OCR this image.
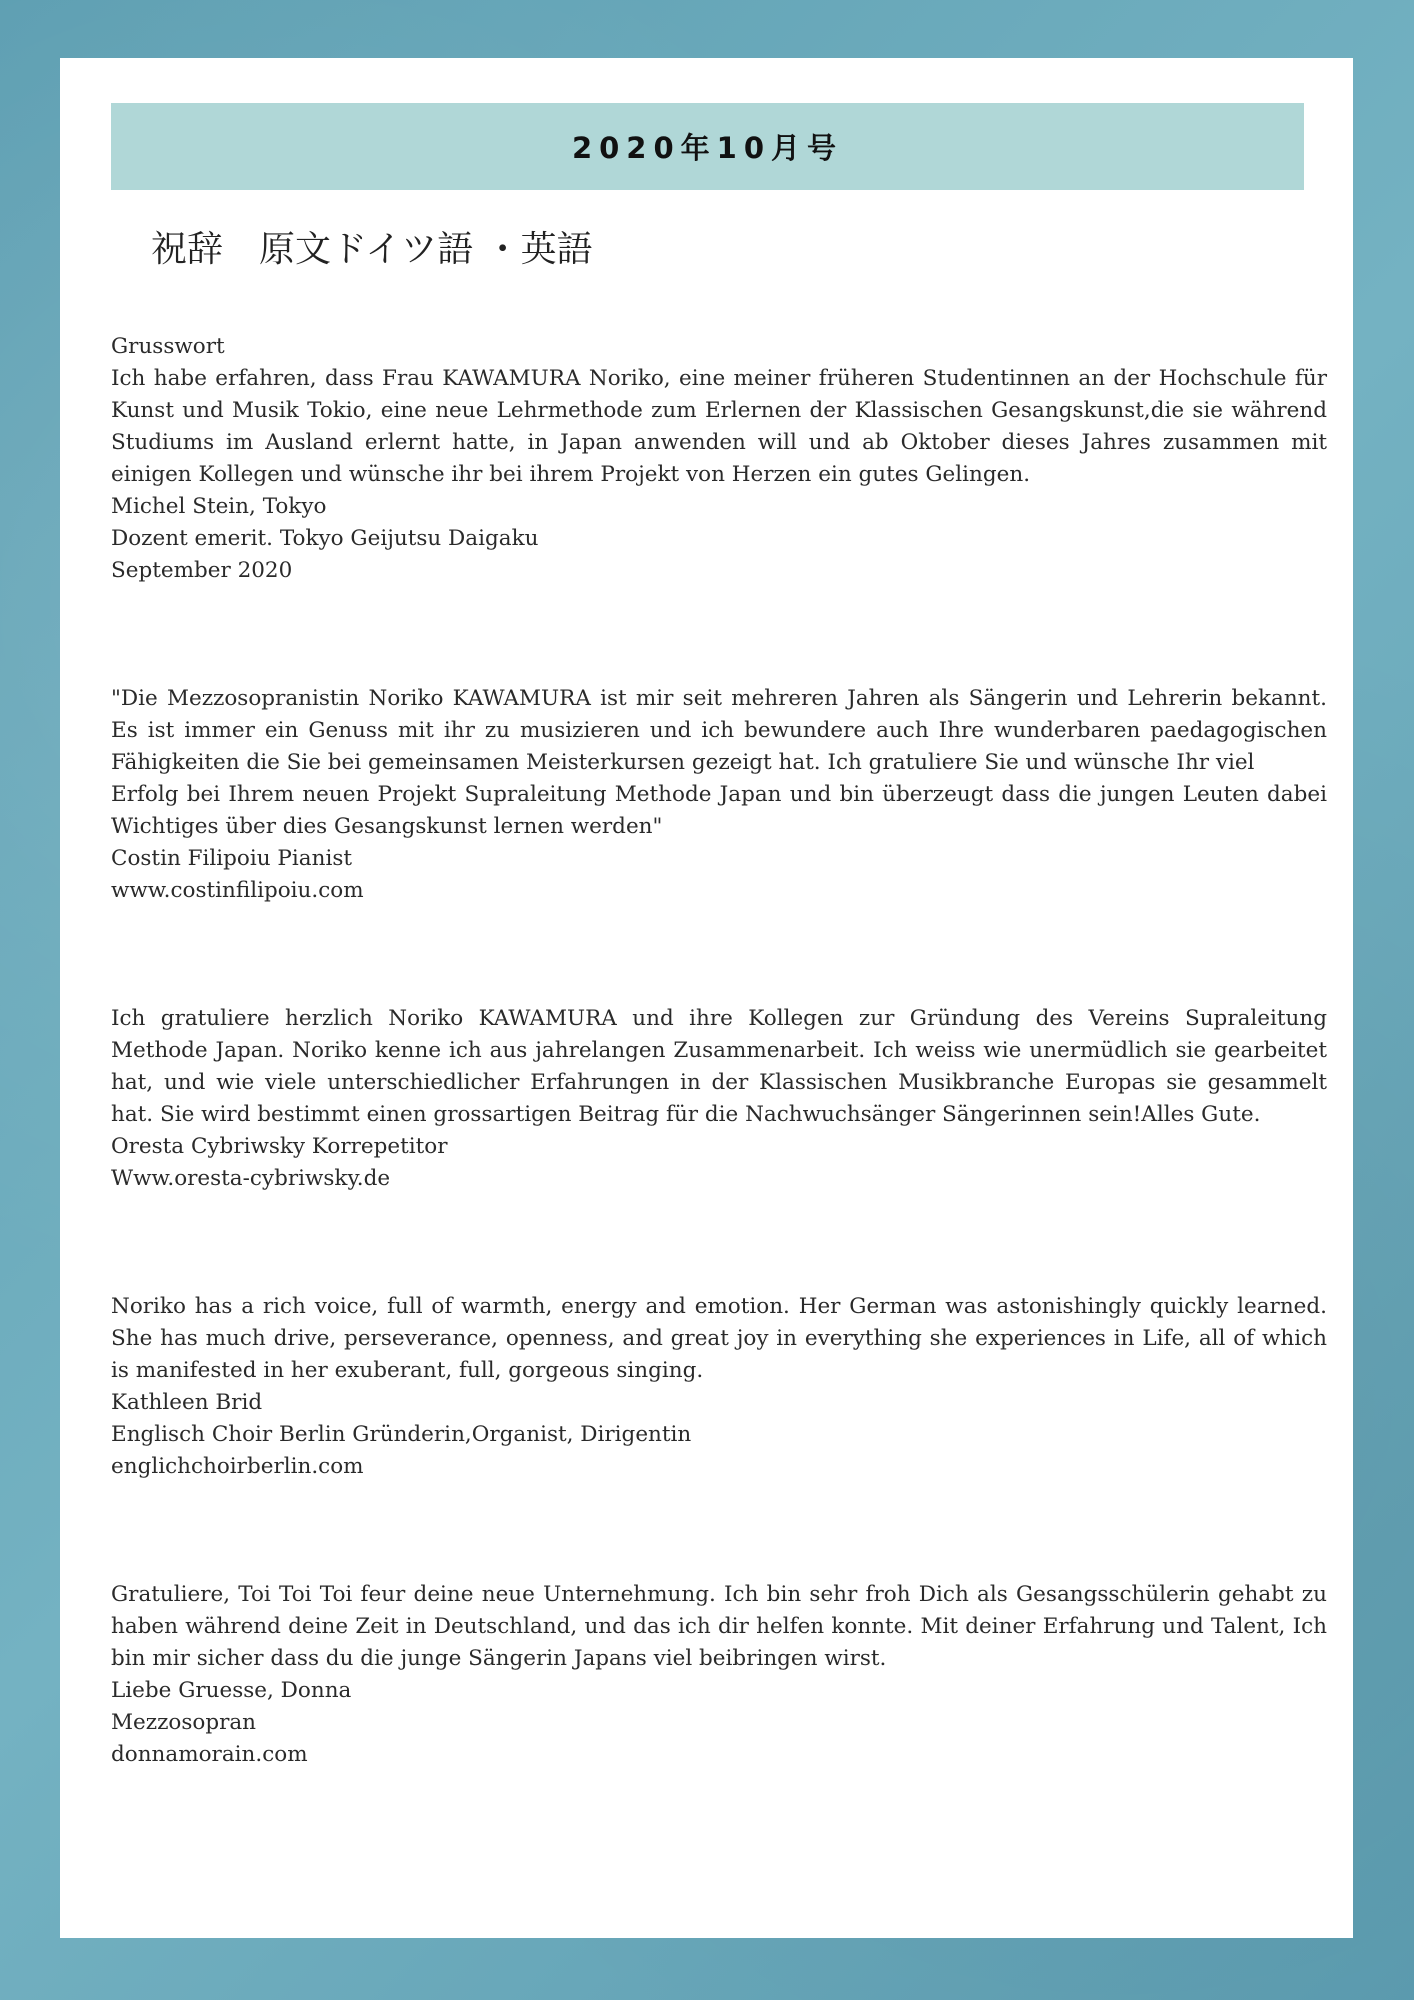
2020年10月号
祝辞　原文ドイツ語 ・英語
Grusswort

Ich habe erfahren, dass Frau KAWAMURA Noriko, eine meiner früheren Studentinnen an der Hochschule für Kunst und Musik Tokio, eine neue Lehrmethode zum Erlernen der Klassischen Gesangskunst,die sie während Studiums im Ausland erlernt hatte, in Japan anwenden will und ab Oktober dieses Jahres zusammen mit einigen Kollegen und wünsche ihr bei ihrem Projekt von Herzen ein gutes Gelingen.

Michel Stein, Tokyo
Dozent emerit. Tokyo Geijutsu Daigaku
September 2020

"Die Mezzosopranistin Noriko KAWAMURA ist mir seit mehreren Jahren als Sängerin und Lehrerin bekannt. Es ist immer ein Genuss mit ihr zu musizieren und ich bewundere auch Ihre wunderbaren paedagogischen Fähigkeiten die Sie bei gemeinsamen Meisterkursen gezeigt hat. Ich gratuliere Sie und wünsche Ihr viel

Erfolg bei Ihrem neuen Projekt Supraleitung Methode Japan und bin überzeugt dass die jungen Leuten dabei Wichtiges über dies Gesangskunst lernen werden"

Costin Filipoiu Pianist
www.costinfilipoiu.com

Ich gratuliere herzlich Noriko KAWAMURA und ihre Kollegen zur Gründung des Vereins Supraleitung Methode Japan. Noriko kenne ich aus jahrelangen Zusammenarbeit. Ich weiss wie unermüdlich sie gearbeitet hat, und wie viele unterschiedlicher Erfahrungen in der Klassischen Musikbranche Europas sie gesammelt hat. Sie wird bestimmt einen grossartigen Beitrag für die Nachwuchsänger Sängerinnen sein!Alles Gute.

Oresta Cybriwsky Korrepetitor
Www.oresta-cybriwsky.de

Noriko has a rich voice, full of warmth, energy and emotion. Her German was astonishingly quickly learned. She has much drive, perseverance, openness, and great joy in everything she experiences in Life, all of which is manifested in her exuberant, full, gorgeous singing.

Kathleen Brid
Englisch Choir Berlin Gründerin,Organist, Dirigentin
englichchoirberlin.com

Gratuliere, Toi Toi Toi feur deine neue Unternehmung. Ich bin sehr froh Dich als Gesangsschülerin gehabt zu haben während deine Zeit in Deutschland, und das ich dir helfen konnte. Mit deiner Erfahrung und Talent, Ich bin mir sicher dass du die junge Sängerin Japans viel beibringen wirst.

Liebe Gruesse, Donna
Mezzosopran
donnamorain.com
